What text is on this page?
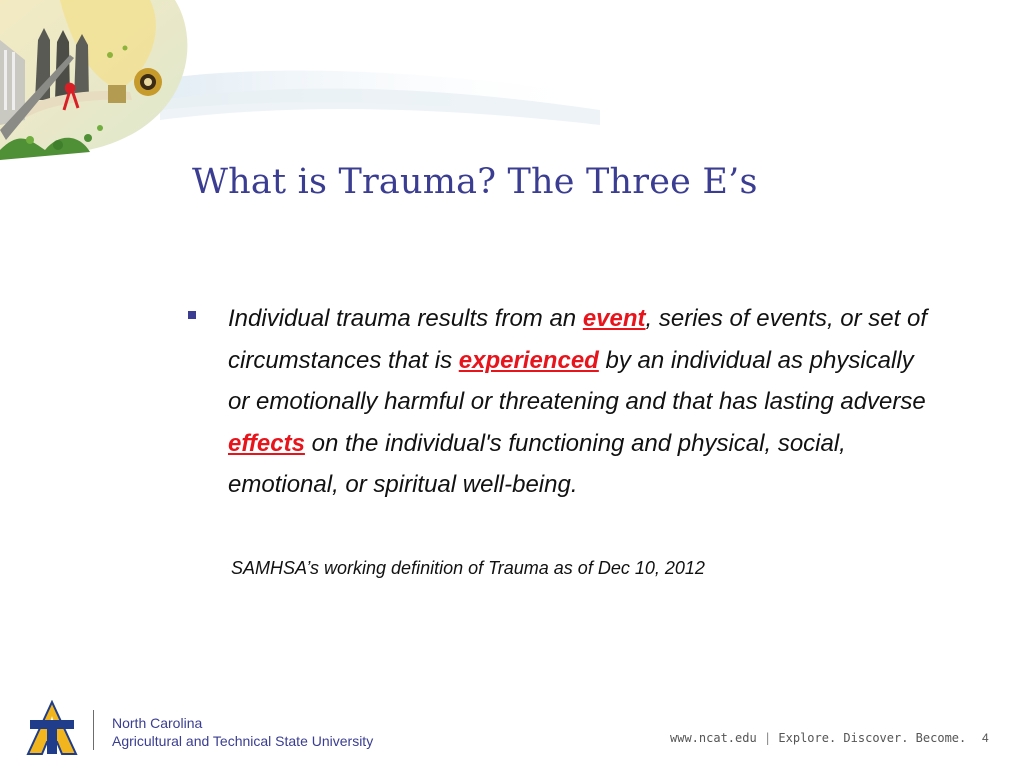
What is Trauma? The Three E’s

Individual trauma results from an event, series of events, or set of circumstances that is experienced by an individual as physically or emotionally harmful or threatening and that has lasting adverse effects on the individual's functioning and physical, social, emotional, or spiritual well-being.

SAMHSA’s working definition of Trauma as of Dec 10, 2012
North Carolina
Agricultural and Technical State University	www.ncat.edu | Explore. Discover. Become. 4
